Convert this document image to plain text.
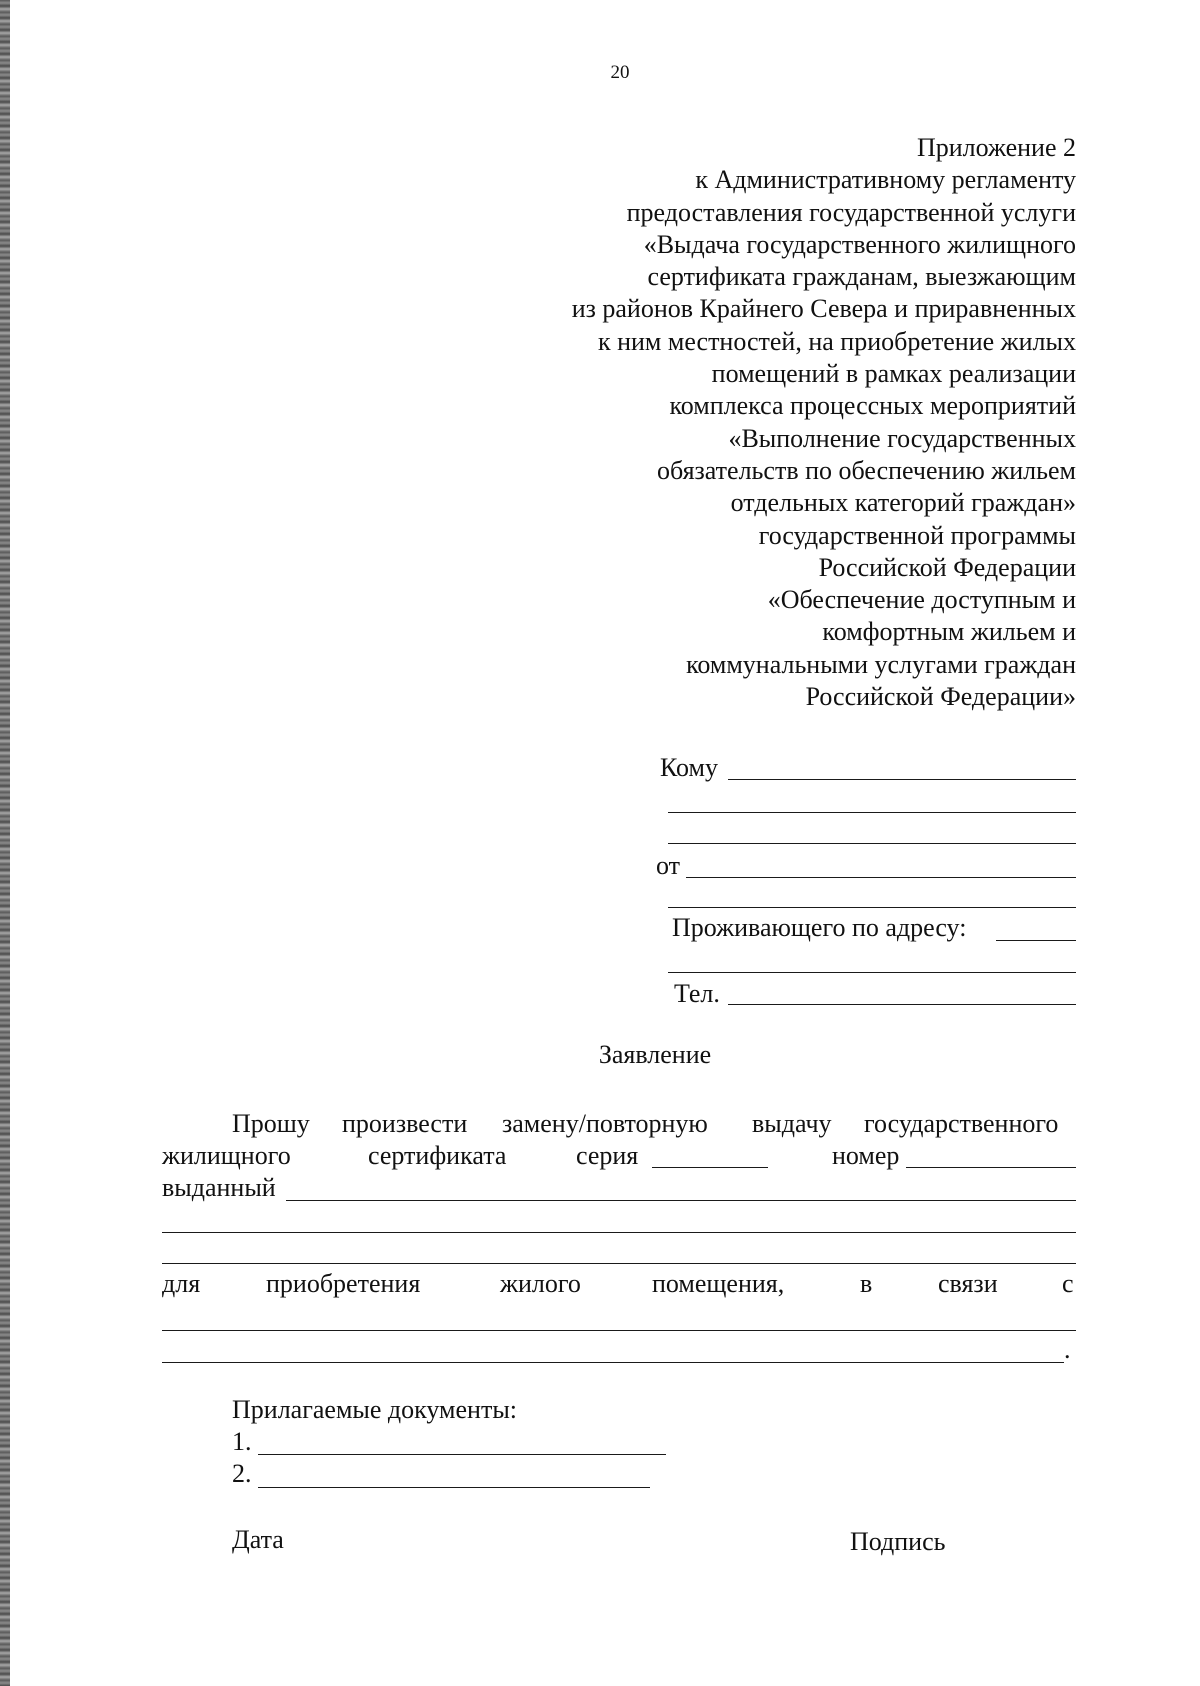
20
Приложение 2
к Административному регламенту
предоставления государственной услуги
«Выдача государственного жилищного
сертификата гражданам, выезжающим
из районов Крайнего Севера и приравненных
к ним местностей, на приобретение жилых
помещений в рамках реализации
комплекса процессных мероприятий
«Выполнение государственных
обязательств по обеспечению жильем
отдельных категорий граждан»
государственной программы
Российской Федерации
«Обеспечение доступным и
комфортным жильем и
коммунальными услугами граждан
Российской Федерации»
Кому
от
Проживающего по адресу:
Тел.
Заявление
Прошу произвести замену/повторную выдачу государственного
жилищного	сертификата	серия	номер
выданный
для	приобретения	жилого	помещения,	в	связи с
.
Прилагаемые документы:
1.
2.
Дата	Подпись
